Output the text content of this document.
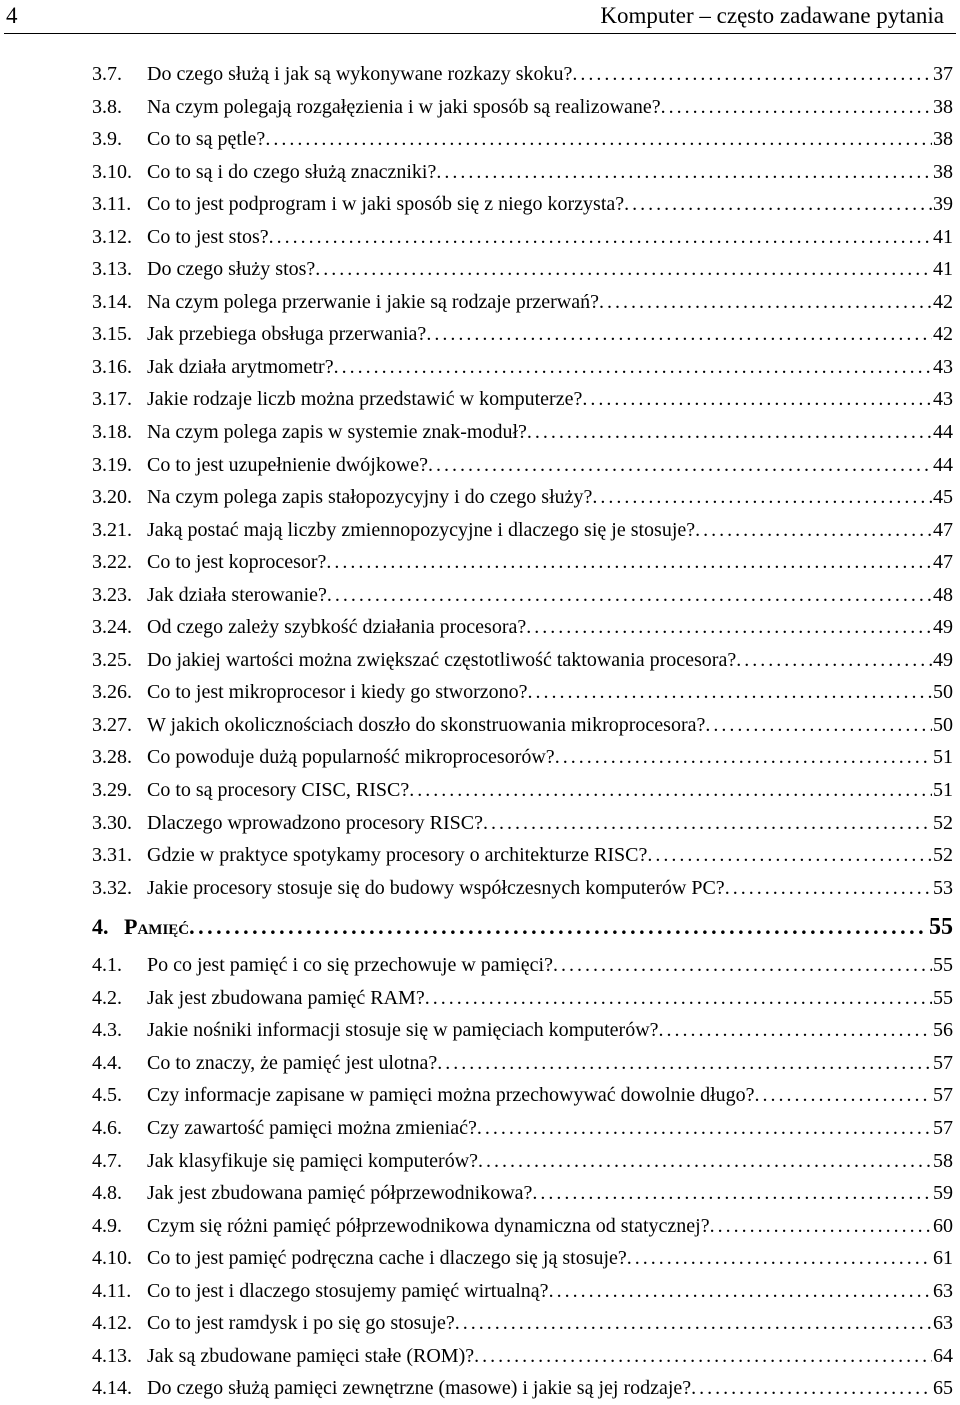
4	Komputer – często zadawane pytania
3.7. Do czego służą i jak są wykonywane rozkazy skoku? . . .	37
3.8. Na czym polegają rozgałęzienia i w jaki sposób są realizowane? . . .	38
3.9. Co to są pętle? . . .	38
3.10. Co to są i do czego służą znaczniki? . . .	38
3.11. Co to jest podprogram i w jaki sposób się z niego korzysta? . . .	39
3.12. Co to jest stos? . . .	41
3.13. Do czego służy stos? . . .	41
3.14. Na czym polega przerwanie i jakie są rodzaje przerwań? . . .	42
3.15. Jak przebiega obsługa przerwania? . . .	42
3.16. Jak działa arytmometr? . . .	43
3.17. Jakie rodzaje liczb można przedstawić w komputerze? . . .	43
3.18. Na czym polega zapis w systemie znak-moduł? . . .	44
3.19. Co to jest uzupełnienie dwójkowe? . . .	44
3.20. Na czym polega zapis stałopozycyjny i do czego służy? . . .	45
3.21. Jaką postać mają liczby zmiennopozycyjne i dlaczego się je stosuje? . . .	47
3.22. Co to jest koprocesor? . . .	47
3.23. Jak działa sterowanie? . . .	48
3.24. Od czego zależy szybkość działania procesora? . . .	49
3.25. Do jakiej wartości można zwiększać częstotliwość taktowania procesora? . . .	49
3.26. Co to jest mikroprocesor i kiedy go stworzono? . . .	50
3.27. W jakich okolicznościach doszło do skonstruowania mikroprocesora? . . .	50
3.28. Co powoduje dużą popularność mikroprocesorów? . . .	51
3.29. Co to są procesory CISC, RISC? . . .	51
3.30. Dlaczego wprowadzono procesory RISC? . . .	52
3.31. Gdzie w praktyce spotykamy procesory o architekturze RISC? . . .	52
3.32. Jakie procesory stosuje się do budowy współczesnych komputerów PC? . . .	53
4. Pamięć . . .	55
4.1. Po co jest pamięć i co się przechowuje w pamięci? . . .	55
4.2. Jak jest zbudowana pamięć RAM? . . .	55
4.3. Jakie nośniki informacji stosuje się w pamięciach komputerów? . . .	56
4.4. Co to znaczy, że pamięć jest ulotna? . . .	57
4.5. Czy informacje zapisane w pamięci można przechowywać dowolnie długo? . . .	57
4.6. Czy zawartość pamięci można zmieniać? . . .	57
4.7. Jak klasyfikuje się pamięci komputerów? . . .	58
4.8. Jak jest zbudowana pamięć półprzewodnikowa? . . .	59
4.9. Czym się różni pamięć półprzewodnikowa dynamiczna od statycznej? . . .	60
4.10. Co to jest pamięć podręczna cache i dlaczego się ją stosuje? . . .	61
4.11. Co to jest i dlaczego stosujemy pamięć wirtualną? . . .	63
4.12. Co to jest ramdysk i po się go stosuje? . . .	63
4.13. Jak są zbudowane pamięci stałe (ROM)? . . .	64
4.14. Do czego służą pamięci zewnętrzne (masowe) i jakie są jej rodzaje? . . .	65
